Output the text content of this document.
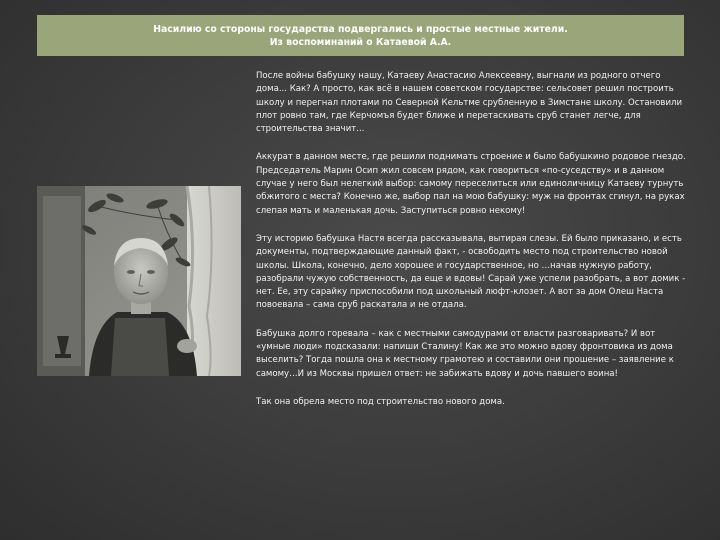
Насилию со стороны государства подвергались и простые местные жители.
Из воспоминаний о Катаевой А.А.

После войны бабушку нашу, Катаеву Анастасию Алексеевну, выгнали из родного отчего дома... Как? А просто, как всё в нашем советском государстве: сельсовет решил построить школу и перегнал плотами по Северной Кельтме срубленную в Зимстане школу. Остановили плот ровно там, где Керчомъя будет ближе и перетаскивать сруб станет легче, для строительства значит...

Аккурат в данном месте, где решили поднимать строение и было бабушкино родовое гнездо. Председатель Марин Осип жил совсем рядом, как говориться «по-суседству» и в данном случае у него был нелегкий выбор: самому переселиться или единоличницу Катаеву турнуть обжитого с места? Конечно же, выбор пал на мою бабушку: муж на фронтах сгинул, на руках слепая мать и маленькая дочь. Заступиться ровно некому!

Эту историю бабушка Настя всегда рассказывала, вытирая слезы. Ей было приказано, и есть документы, подтверждающие данный факт, - освободить место под строительство новой школы. Школа, конечно, дело хорошее и государственное, но …начав нужную работу, разобрали чужую собственность, да еще и вдовы! Сарай уже успели разобрать, а вот домик - нет. Ее, эту сарайку приспособили под школьный люфт-клозет. А вот за дом Олеш Наста повоевала – сама сруб раскатала и не отдала.

Бабушка долго горевала – как с местными самодурами от власти разговаривать? И вот «умные люди» подсказали: напиши Сталину! Как же это можно вдову фронтовика из дома выселить? Тогда пошла она к местному грамотею и составили они прошение – заявление к самому…И из Москвы пришел ответ: не забижать вдову и дочь павшего воина!

Так она обрела место под строительство нового дома.
